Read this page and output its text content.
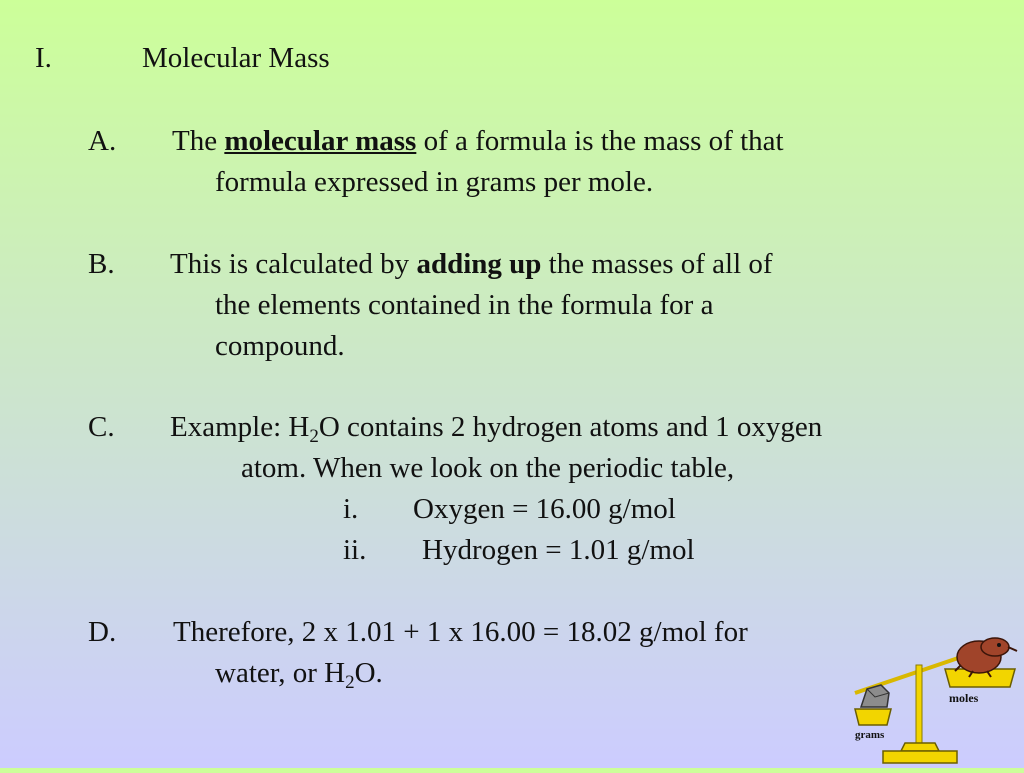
I.	Molecular Mass
A. The molecular mass of a formula is the mass of that
formula expressed in grams per mole.
B. This is calculated by adding up the masses of all of
the elements contained in the formula for a
compound.
C. Example: $H_2O$ contains 2 hydrogen atoms and 1 oxygen
atom. When we look on the periodic table,
i. Oxygen = 16.00 g/mol
ii. Hydrogen = 1.01 g/mol
D. Therefore, 2 x 1.01 + 1 x 16.00 = 18.02 g/mol for
water, or $H_2O$.
grams
moles
